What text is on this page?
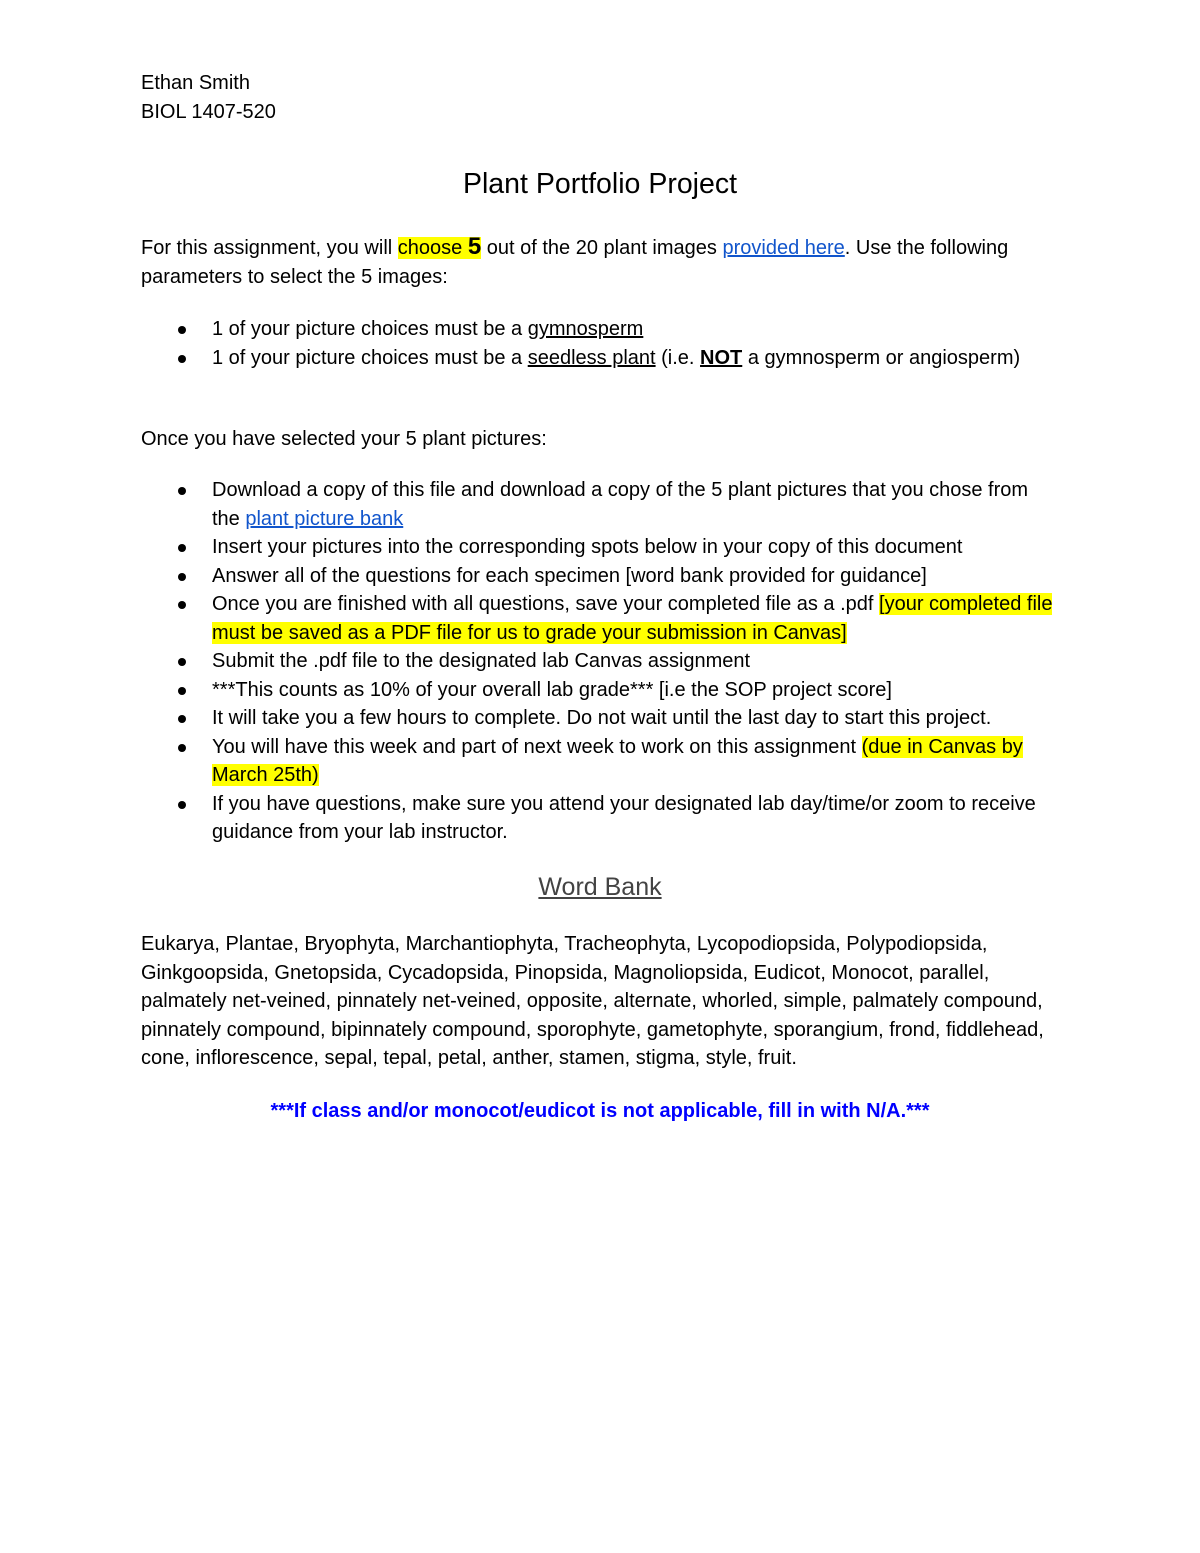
Ethan Smith
BIOL 1407-520
Plant Portfolio Project
For this assignment, you will choose 5 out of the 20 plant images provided here. Use the following parameters to select the 5 images:
1 of your picture choices must be a gymnosperm
1 of your picture choices must be a seedless plant (i.e. NOT a gymnosperm or angiosperm)
Once you have selected your 5 plant pictures:
Download a copy of this file and download a copy of the 5 plant pictures that you chose from the plant picture bank
Insert your pictures into the corresponding spots below in your copy of this document
Answer all of the questions for each specimen [word bank provided for guidance]
Once you are finished with all questions, save your completed file as a .pdf [your completed file must be saved as a PDF file for us to grade your submission in Canvas]
Submit the .pdf file to the designated lab Canvas assignment
***This counts as 10% of your overall lab grade*** [i.e the SOP project score]
It will take you a few hours to complete. Do not wait until the last day to start this project.
You will have this week and part of next week to work on this assignment (due in Canvas by March 25th)
If you have questions, make sure you attend your designated lab day/time/or zoom to receive guidance from your lab instructor.
Word Bank
Eukarya, Plantae, Bryophyta, Marchantiophyta, Tracheophyta, Lycopodiopsida, Polypodiopsida, Ginkgoopsida, Gnetopsida, Cycadopsida, Pinopsida, Magnoliopsida, Eudicot, Monocot, parallel, palmately net-veined, pinnately net-veined, opposite, alternate, whorled, simple, palmately compound, pinnately compound, bipinnately compound, sporophyte, gametophyte, sporangium, frond, fiddlehead, cone, inflorescence, sepal, tepal, petal, anther, stamen, stigma, style, fruit.
***If class and/or monocot/eudicot is not applicable, fill in with N/A.***
